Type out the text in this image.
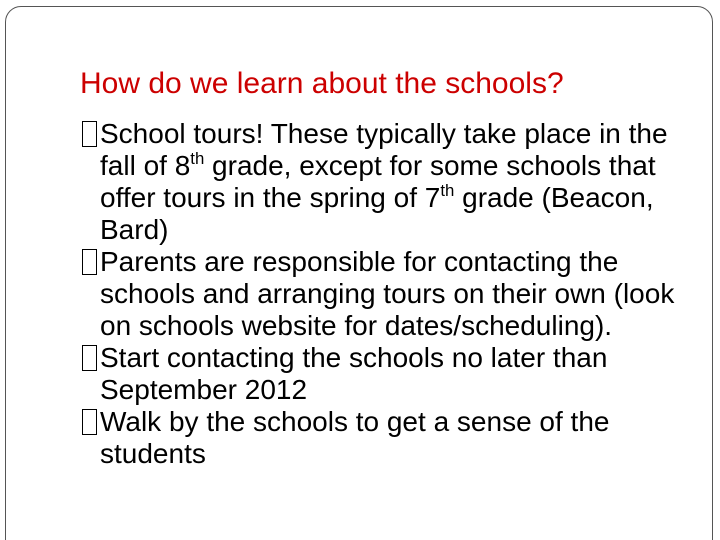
How do we learn about the schools?
School tours! These typically take place in the fall of 8th grade, except for some schools that offer tours in the spring of 7th grade (Beacon, Bard)
Parents are responsible for contacting the schools and arranging tours on their own (look on schools website for dates/scheduling).
Start contacting the schools no later than September 2012
Walk by the schools to get a sense of the students
